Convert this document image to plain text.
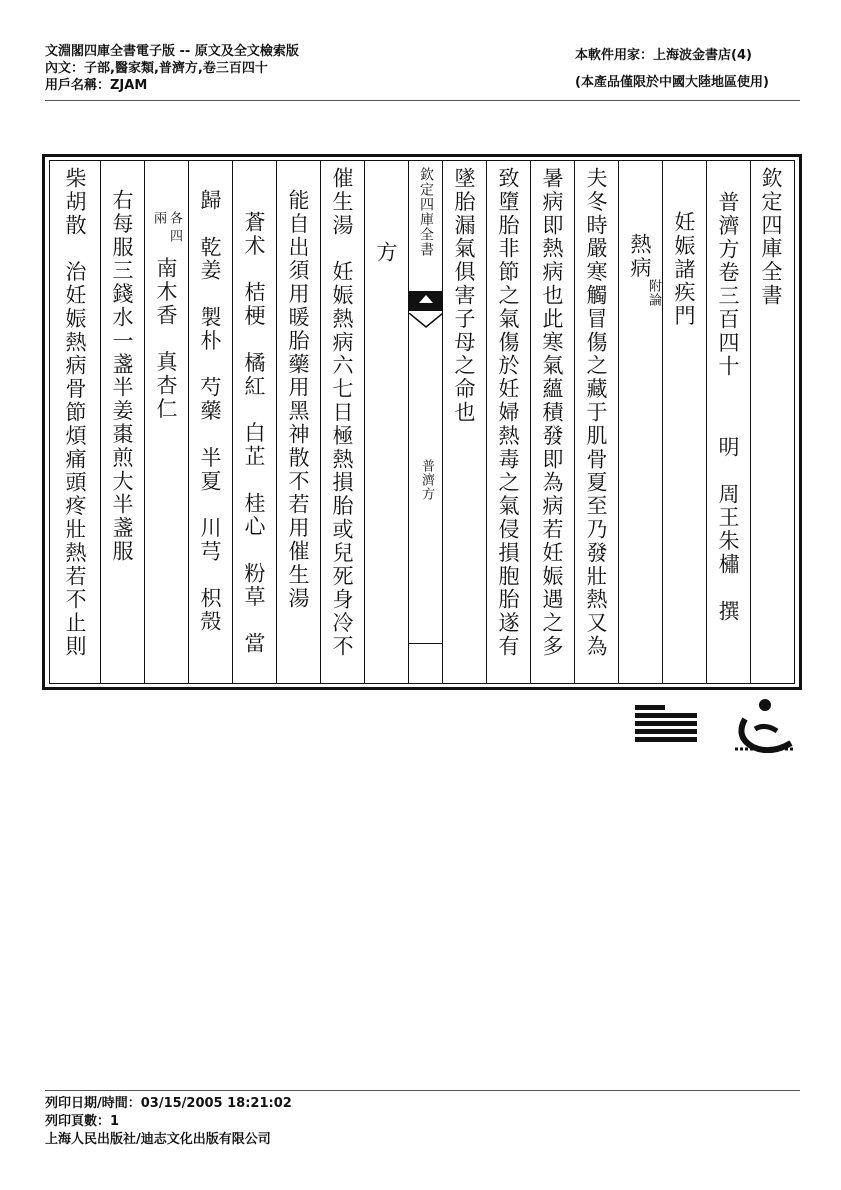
文淵閣四庫全書電子版 -- 原文及全文檢索版
內文：子部,醫家類,普濟方,卷三百四十
用戶名稱：ZJAM
本軟件用家：上海波金書店(4)
(本產品僅限於中國大陸地區使用)
欽定四庫全書
普濟方卷三百四十
明　周王朱橚　撰
妊娠諸疾門
熱病
附論
夫冬時嚴寒觸冒傷之藏于肌骨夏至乃發壯熱又為
暑病即熱病也此寒氣蘊積發即為病若妊娠遇之多
致墮胎非節之氣傷於妊婦熱毒之氣侵損胞胎遂有
墜胎漏氣俱害子母之命也
欽定四庫全書
普濟方
方
催生湯　妊娠熱病六七日極熱損胎或兒死身冷不
能自出須用暖胎藥用黑神散不若用催生湯
蒼术　桔梗　橘紅　白芷　桂心　粉草　當
歸　乾姜　製朴　芍藥　半夏　川芎　枳殼
各
四
兩
南木香　真杏仁
右每服三錢水一盞半姜棗煎大半盞服
柴胡散　治妊娠熱病骨節煩痛頭疼壯熱若不止則
列印日期/時間：03/15/2005 18:21:02
列印頁數：1
上海人民出版社/迪志文化出版有限公司
